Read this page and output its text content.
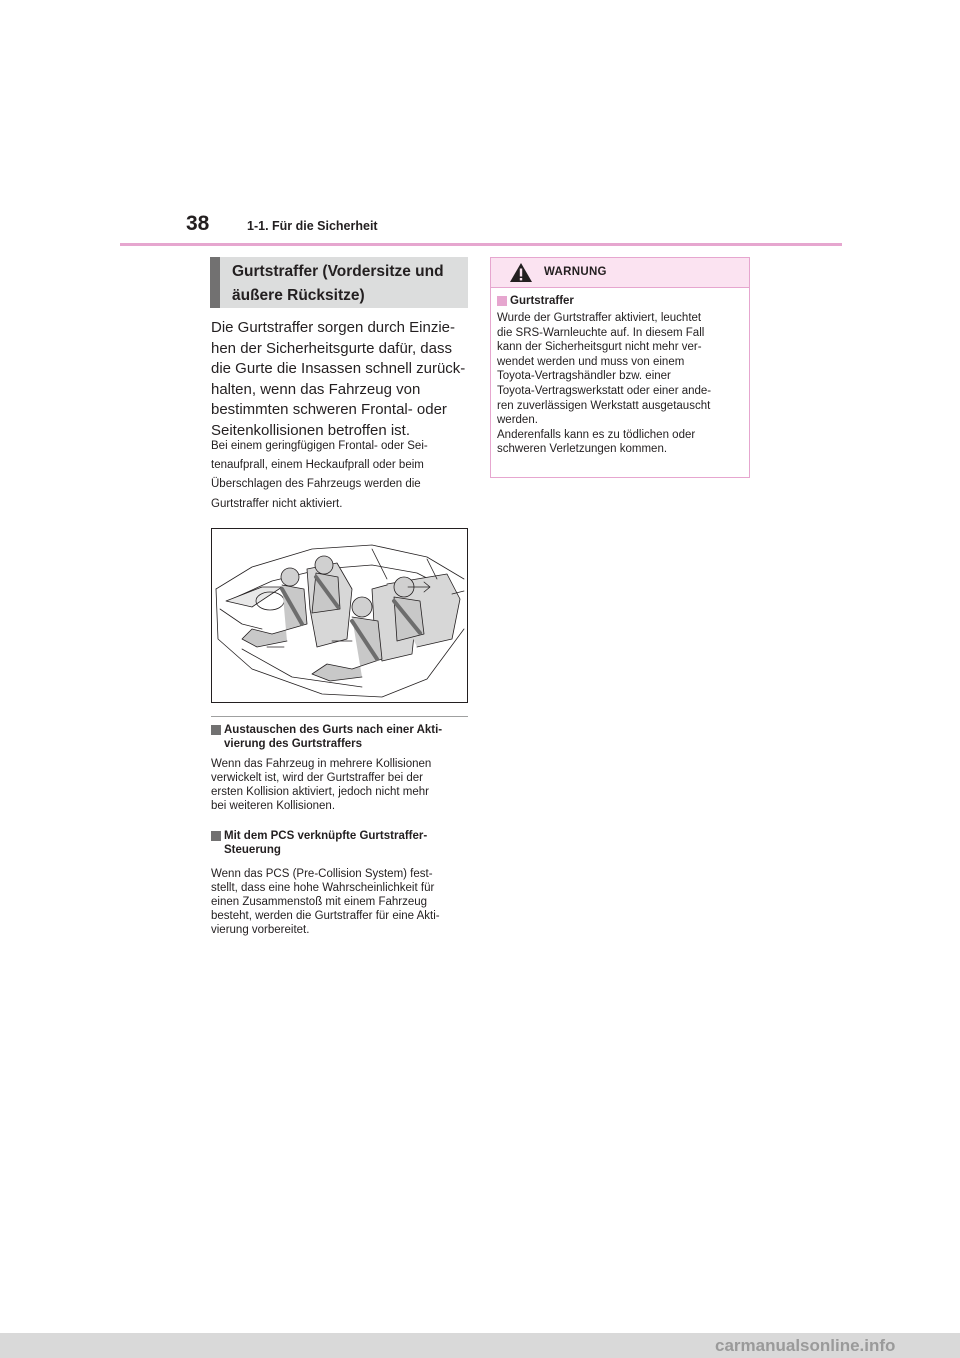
38	1-1. Für die Sicherheit
Gurtstraffer (Vordersitze und
äußere Rücksitze)
Die Gurtstraffer sorgen durch Einzie-
hen der Sicherheitsgurte dafür, dass
die Gurte die Insassen schnell zurück-
halten, wenn das Fahrzeug von
bestimmten schweren Frontal- oder
Seitenkollisionen betroffen ist.
Bei einem geringfügigen Frontal- oder Sei-
tenaufprall, einem Heckaufprall oder beim
Überschlagen des Fahrzeugs werden die
Gurtstraffer nicht aktiviert.
Austauschen des Gurts nach einer Akti-
vierung des Gurtstraffers
Wenn das Fahrzeug in mehrere Kollisionen
verwickelt ist, wird der Gurtstraffer bei der
ersten Kollision aktiviert, jedoch nicht mehr
bei weiteren Kollisionen.
Mit dem PCS verknüpfte Gurtstraffer-
Steuerung
Wenn das PCS (Pre-Collision System) fest-
stellt, dass eine hohe Wahrscheinlichkeit für
einen Zusammenstoß mit einem Fahrzeug
besteht, werden die Gurtstraffer für eine Akti-
vierung vorbereitet.
WARNUNG
Gurtstraffer
Wurde der Gurtstraffer aktiviert, leuchtet
die SRS-Warnleuchte auf. In diesem Fall
kann der Sicherheitsgurt nicht mehr ver-
wendet werden und muss von einem
Toyota-Vertragshändler bzw. einer
Toyota-Vertragswerkstatt oder einer ande-
ren zuverlässigen Werkstatt ausgetauscht
werden.
Anderenfalls kann es zu tödlichen oder
schweren Verletzungen kommen.
carmanualsonline.info
